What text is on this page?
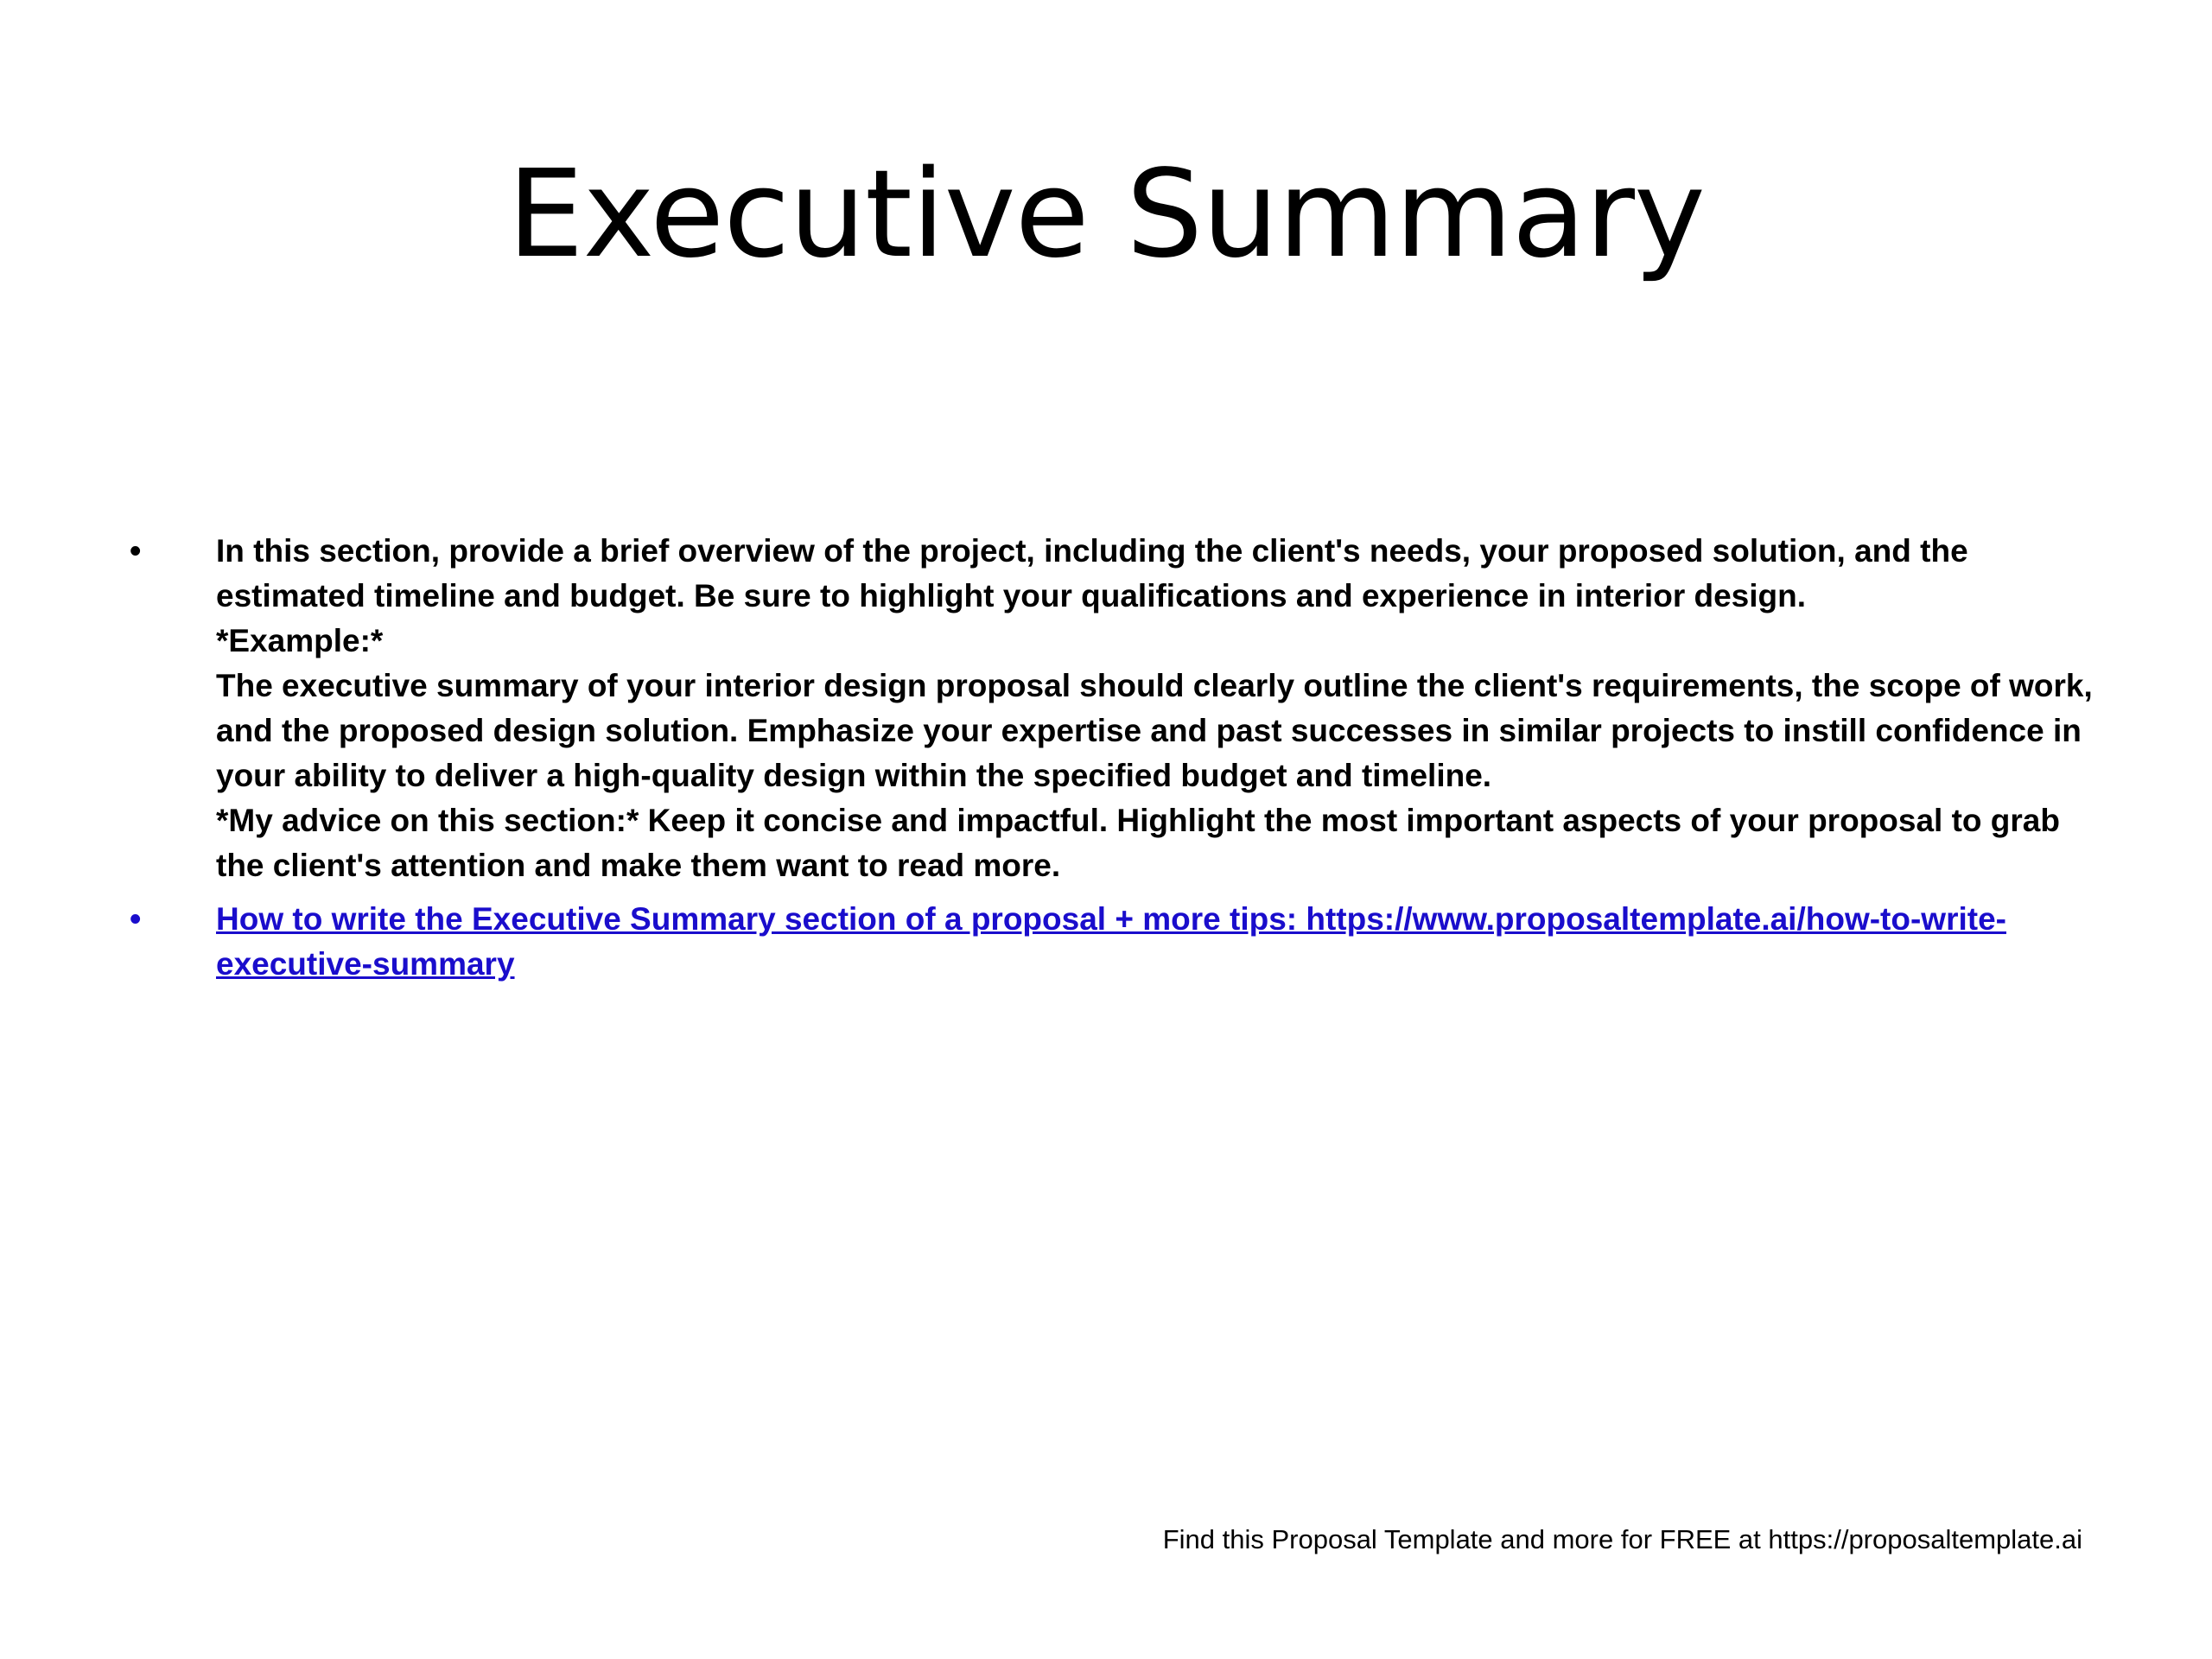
Executive Summary
• In this section, provide a brief overview of the project, including the client's needs, your proposed solution, and the estimated timeline and budget. Be sure to highlight your qualifications and experience in interior design.

*Example:*

The executive summary of your interior design proposal should clearly outline the client's requirements, the scope of work, and the proposed design solution. Emphasize your expertise and past successes in similar projects to instill confidence in your ability to deliver a high-quality design within the specified budget and timeline.

*My advice on this section:* Keep it concise and impactful. Highlight the most important aspects of your proposal to grab the client's attention and make them want to read more.

• How to write the Executive Summary section of a proposal + more tips: https://www.proposaltemplate.ai/how-to-write-executive-summary
Find this Proposal Template and more for FREE at https://proposaltemplate.ai
